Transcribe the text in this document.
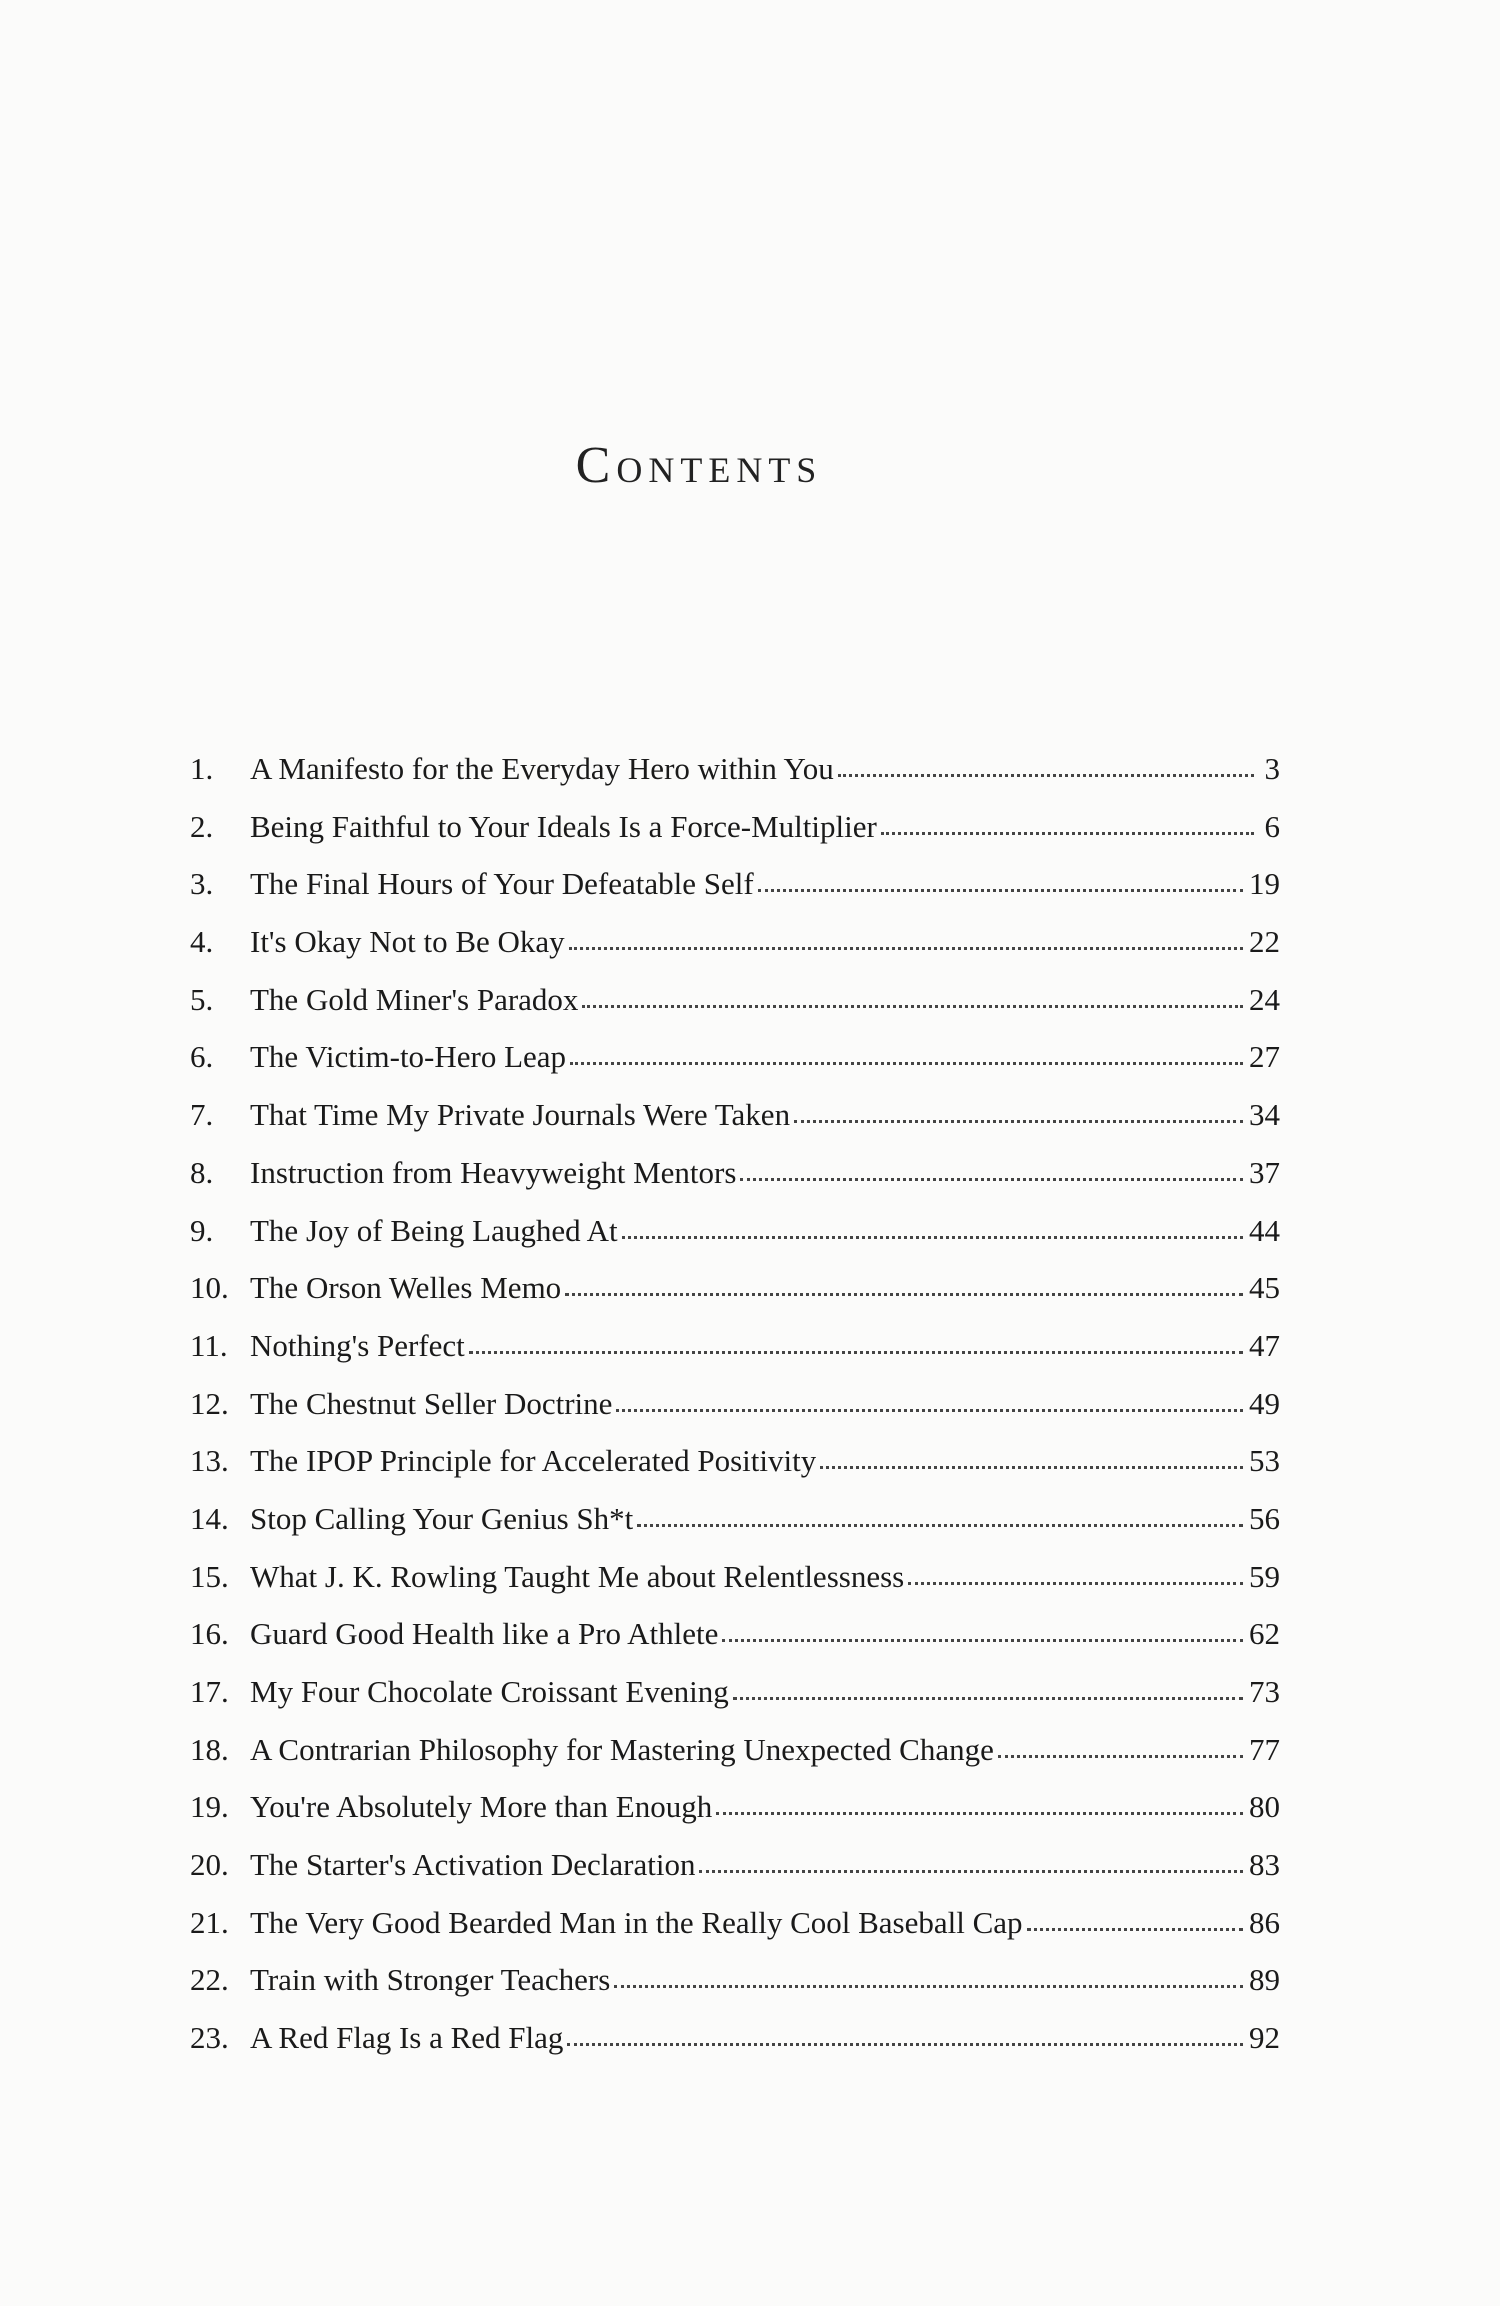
Contents
1.	A Manifesto for the Everyday Hero within You	3
2.	Being Faithful to Your Ideals Is a Force-Multiplier	6
3.	The Final Hours of Your Defeatable Self	19
4.	It's Okay Not to Be Okay	22
5.	The Gold Miner's Paradox	24
6.	The Victim-to-Hero Leap	27
7.	That Time My Private Journals Were Taken	34
8.	Instruction from Heavyweight Mentors	37
9.	The Joy of Being Laughed At	44
10. The Orson Welles Memo	45
11. Nothing's Perfect	47
12. The Chestnut Seller Doctrine	49
13. The IPOP Principle for Accelerated Positivity	53
14. Stop Calling Your Genius Sh*t	56
15. What J. K. Rowling Taught Me about Relentlessness	59
16. Guard Good Health like a Pro Athlete	62
17. My Four Chocolate Croissant Evening	73
18. A Contrarian Philosophy for Mastering Unexpected Change	77
19. You're Absolutely More than Enough	80
20. The Starter's Activation Declaration	83
21. The Very Good Bearded Man in the Really Cool Baseball Cap	86
22. Train with Stronger Teachers	89
23. A Red Flag Is a Red Flag	92
